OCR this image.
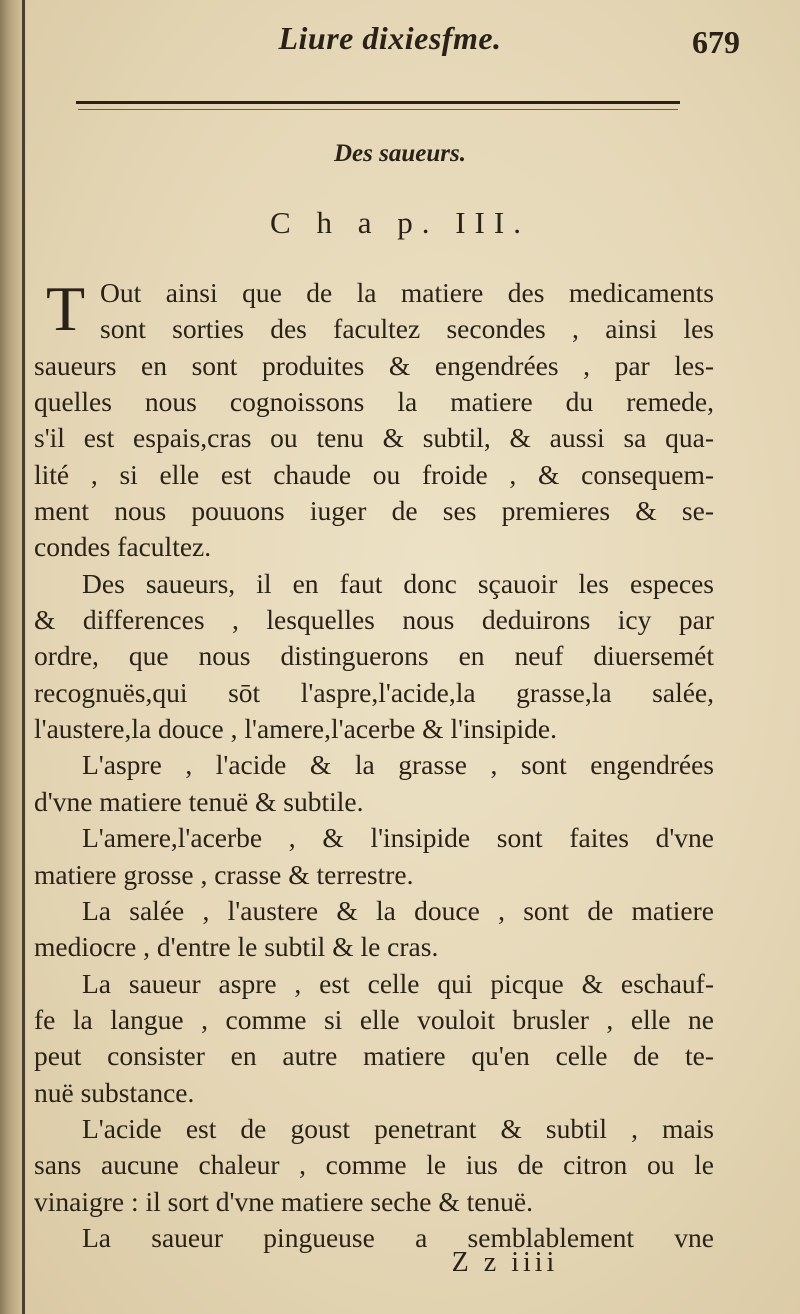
Liure dixiesfme.	679
Des saueurs.
C h a p. III.
T Out ainsi que de la matiere des medicaments
sont sorties des facultez secondes , ainsi les
saueurs en sont produites & engendrées , par les-
quelles nous cognoissons la matiere du remede,
s'il est espais,cras ou tenu & subtil, & aussi sa qua-
lité , si elle est chaude ou froide , & consequem-
ment nous pouuons iuger de ses premieres & se-
condes facultez.
Des saueurs, il en faut donc sçauoir les especes
& differences , lesquelles nous deduirons icy par
ordre, que nous distinguerons en neuf diuersemét
recognuës,qui sōt l'aspre,l'acide,la grasse,la salée,
l'austere,la douce , l'amere,l'acerbe & l'insipide.
L'aspre , l'acide & la grasse , sont engendrées
d'vne matiere tenuë & subtile.
L'amere,l'acerbe , & l'insipide sont faites d'vne
matiere grosse , crasse & terrestre.
La salée , l'austere & la douce , sont de matiere
mediocre , d'entre le subtil & le cras.
La saueur aspre , est celle qui picque & eschauf-
fe la langue , comme si elle vouloit brusler , elle ne
peut consister en autre matiere qu'en celle de te-
nuë substance.
L'acide est de goust penetrant & subtil , mais
sans aucune chaleur , comme le ius de citron ou le
vinaigre : il sort d'vne matiere seche & tenuë.
La saueur pingueuse a semblablement vne
Z z iiii
